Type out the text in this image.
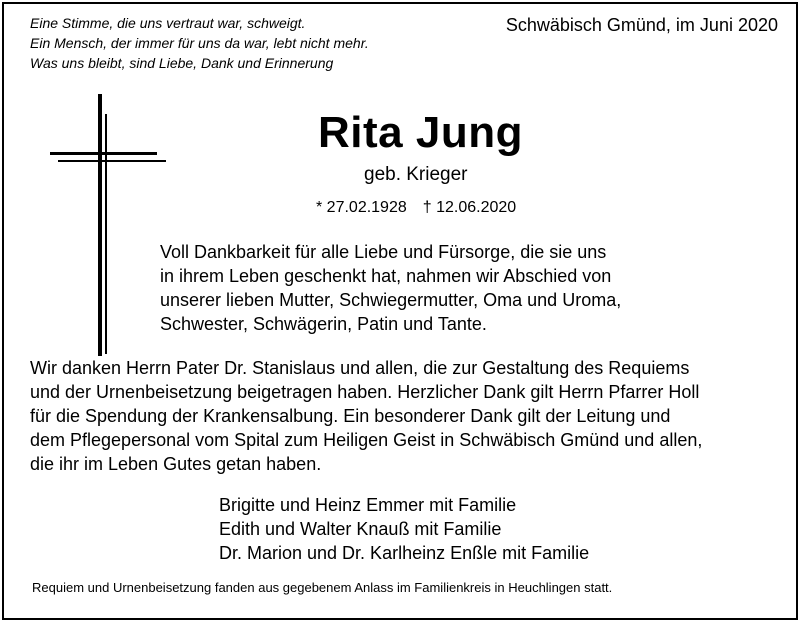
Eine Stimme, die uns vertraut war, schweigt.
Ein Mensch, der immer für uns da war, lebt nicht mehr.
Was uns bleibt, sind Liebe, Dank und Erinnerung
Schwäbisch Gmünd, im Juni 2020
Rita Jung
geb. Krieger
* 27.02.1928 † 12.06.2020
Voll Dankbarkeit für alle Liebe und Fürsorge, die sie uns
in ihrem Leben geschenkt hat, nahmen wir Abschied von
unserer lieben Mutter, Schwiegermutter, Oma und Uroma,
Schwester, Schwägerin, Patin und Tante.
Wir danken Herrn Pater Dr. Stanislaus und allen, die zur Gestaltung des Requiems
und der Urnenbeisetzung beigetragen haben. Herzlicher Dank gilt Herrn Pfarrer Holl
für die Spendung der Krankensalbung. Ein besonderer Dank gilt der Leitung und
dem Pflegepersonal vom Spital zum Heiligen Geist in Schwäbisch Gmünd und allen,
die ihr im Leben Gutes getan haben.
Brigitte und Heinz Emmer mit Familie
Edith und Walter Knauß mit Familie
Dr. Marion und Dr. Karlheinz Enßle mit Familie
Requiem und Urnenbeisetzung fanden aus gegebenem Anlass im Familienkreis in Heuchlingen statt.
